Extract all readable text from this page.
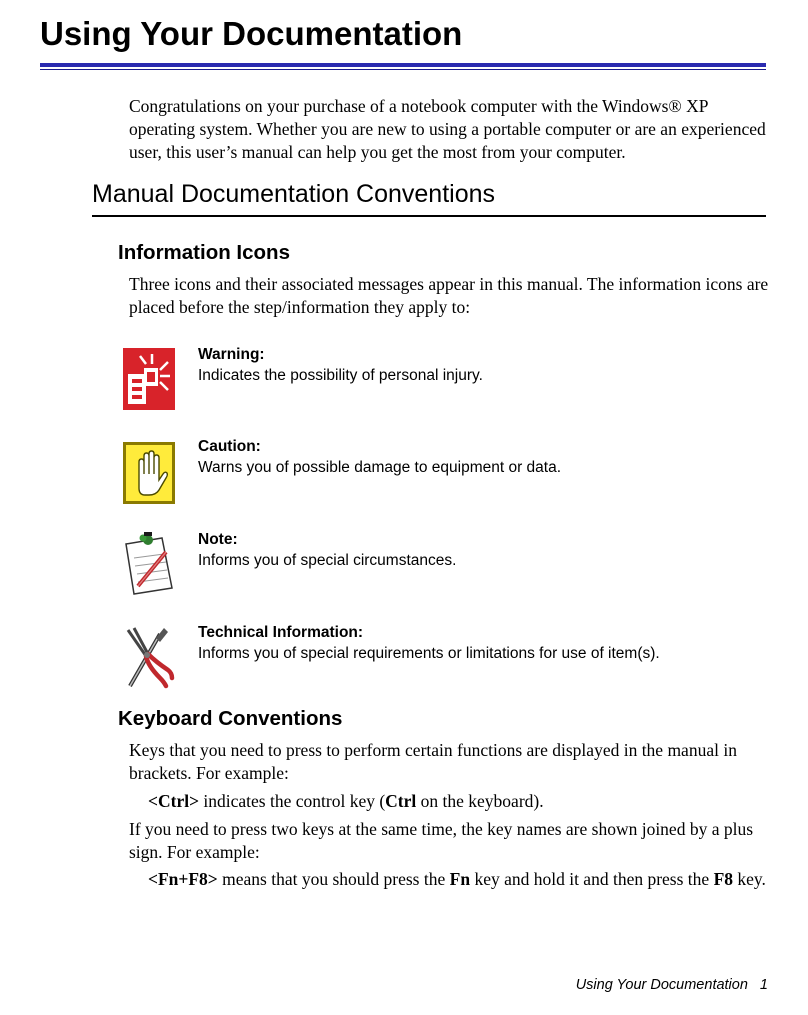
Using Your Documentation

Congratulations on your purchase of a notebook computer with the Windows® XP operating system. Whether you are new to using a portable computer or are an experienced user, this user’s manual can help you get the most from your computer.

Manual Documentation Conventions
Information Icons

Three icons and their associated messages appear in this manual. The information icons are placed before the step/information they apply to:

Warning:
Indicates the possibility of personal injury.
Caution:
Warns you of possible damage to equipment or data.
Note:
Informs you of special circumstances.
Technical Information:
Informs you of special requirements or limitations for use of item(s).
Keyboard Conventions

Keys that you need to press to perform certain functions are displayed in the manual in brackets. For example:

<Ctrl> indicates the control key (Ctrl on the keyboard).

If you need to press two keys at the same time, the key names are shown joined by a plus sign. For example:

<Fn+F8> means that you should press the Fn key and hold it and then press the F8 key.

Using Your Documentation 1
